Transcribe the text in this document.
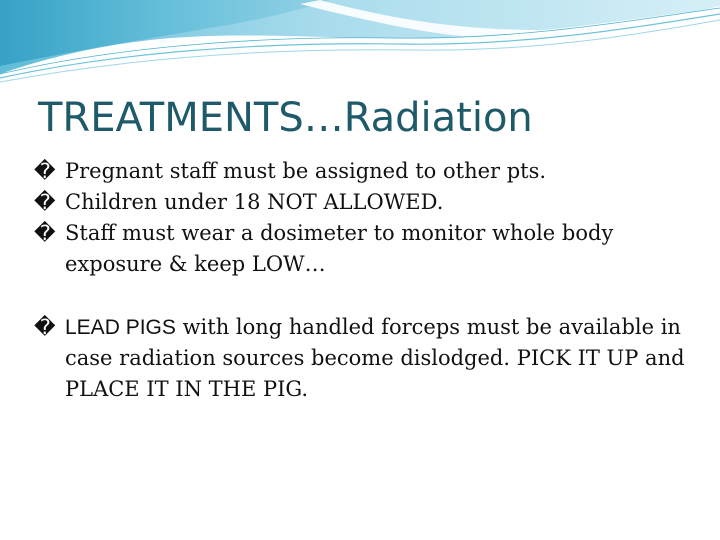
TREATMENTS…Radiation
� Pregnant staff must be assigned to other pts.
� Children under 18 NOT ALLOWED.
� Staff must wear a dosimeter to monitor whole body exposure & keep LOW…
� LEAD PIGS with long handled forceps must be available in case radiation sources become dislodged. PICK IT UP and PLACE IT IN THE PIG.
